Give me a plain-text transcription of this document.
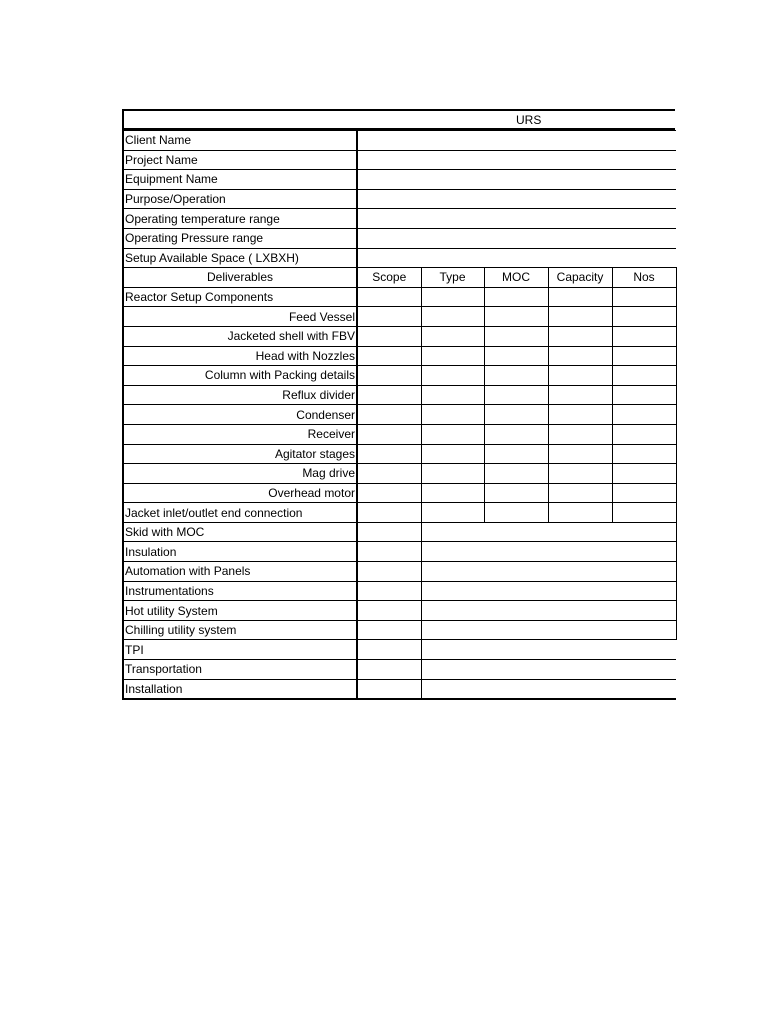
URS
Client Name					
Project Name					
Equipment Name					
Purpose/Operation					
Operating temperature range					
Operating Pressure range					
Setup Available Space ( LXBXH)					
Deliverables	Scope	Type	MOC	Capacity	Nos
Reactor Setup Components					
Feed Vessel					
Jacketed shell with FBV					
Head with Nozzles					
Column with Packing details					
Reflux divider					
Condenser					
Receiver					
Agitator stages					
Mag drive					
Overhead motor					
Jacket inlet/outlet end connection					
Skid with MOC					
Insulation					
Automation with Panels					
Instrumentations					
Hot utility System					
Chilling utility system					
TPI					
Transportation					
Installation					
